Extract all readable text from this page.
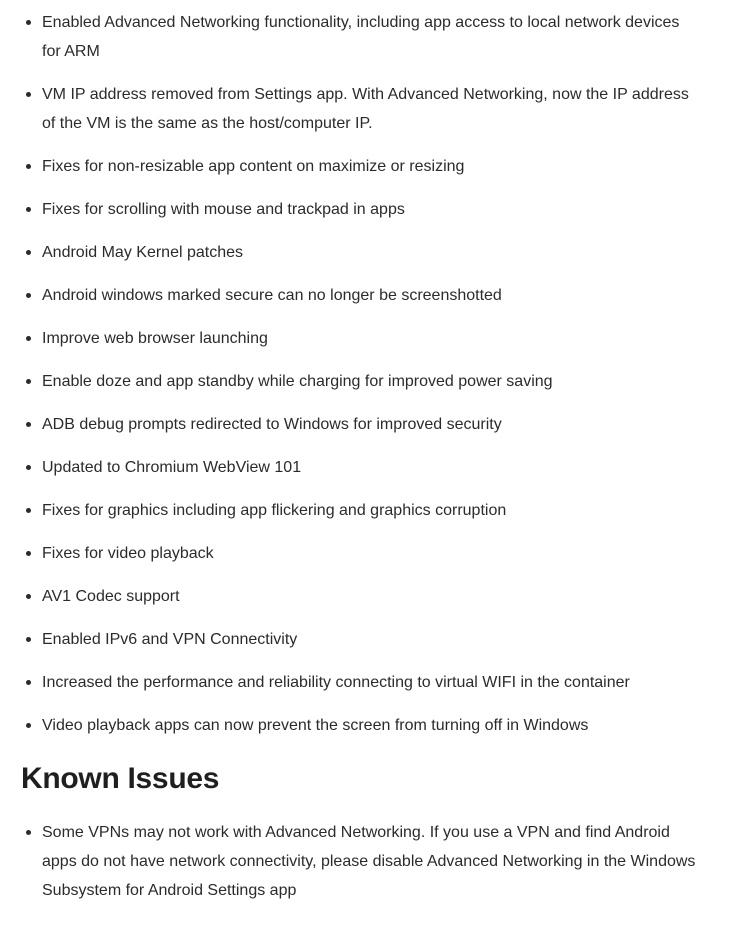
Enabled Advanced Networking functionality, including app access to local network devices for ARM
VM IP address removed from Settings app. With Advanced Networking, now the IP address of the VM is the same as the host/computer IP.
Fixes for non-resizable app content on maximize or resizing
Fixes for scrolling with mouse and trackpad in apps
Android May Kernel patches
Android windows marked secure can no longer be screenshotted
Improve web browser launching
Enable doze and app standby while charging for improved power saving
ADB debug prompts redirected to Windows for improved security
Updated to Chromium WebView 101
Fixes for graphics including app flickering and graphics corruption
Fixes for video playback
AV1 Codec support
Enabled IPv6 and VPN Connectivity
Increased the performance and reliability connecting to virtual WIFI in the container
Video playback apps can now prevent the screen from turning off in Windows
Known Issues
Some VPNs may not work with Advanced Networking. If you use a VPN and find Android apps do not have network connectivity, please disable Advanced Networking in the Windows Subsystem for Android Settings app
